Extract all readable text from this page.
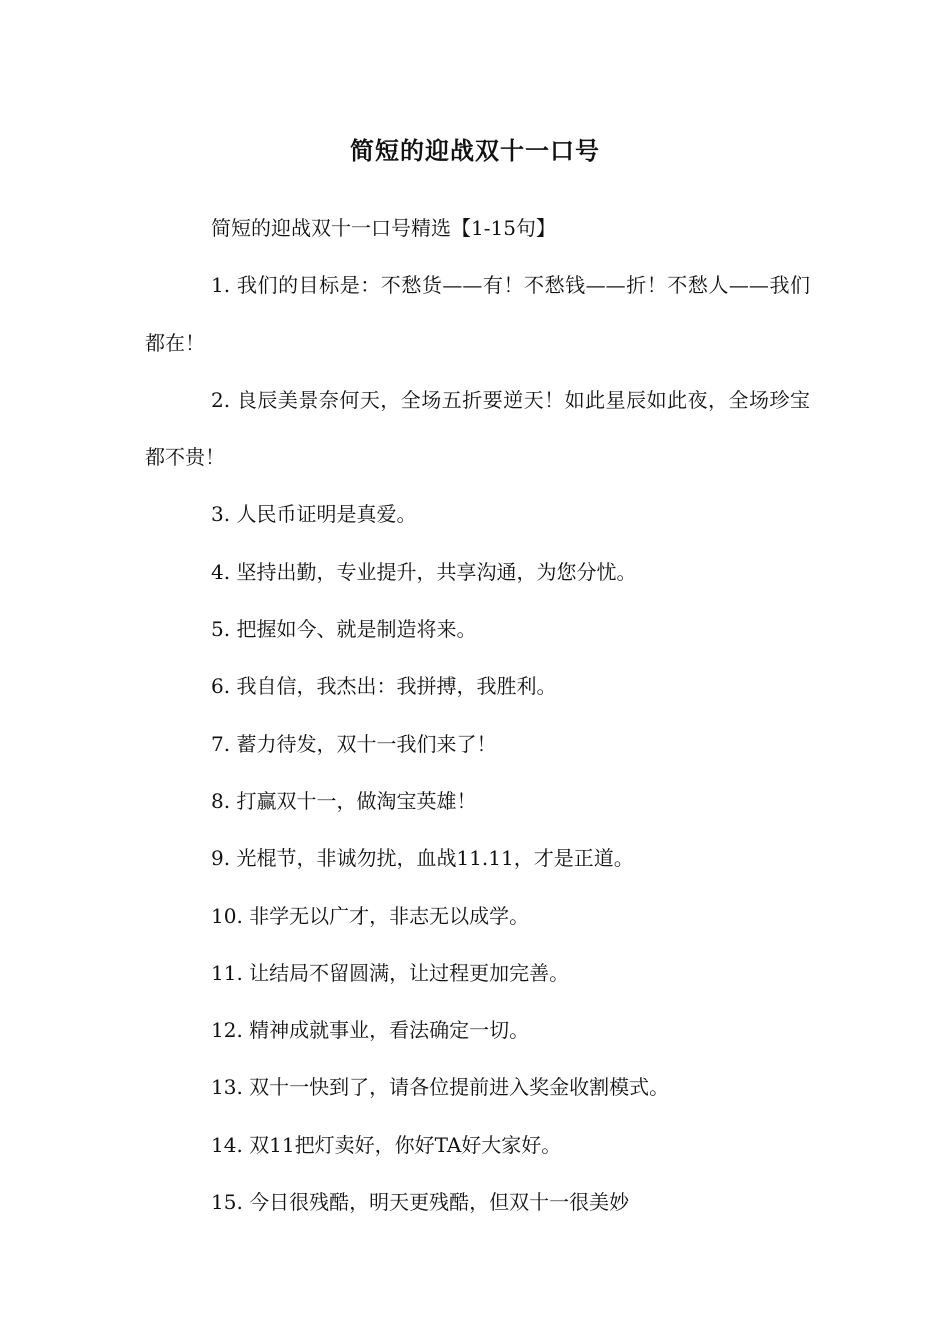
简短的迎战双十一口号

简短的迎战双十一口号精选【1-15句】

1. 我们的目标是：不愁货——有！不愁钱——折！不愁人——我们都在！

2. 良辰美景奈何天，全场五折要逆天！如此星辰如此夜，全场珍宝都不贵！

3. 人民币证明是真爱。

4. 坚持出勤，专业提升，共享沟通，为您分忧。

5. 把握如今、就是制造将来。

6. 我自信，我杰出：我拼搏，我胜利。

7. 蓄力待发，双十一我们来了！

8. 打赢双十一，做淘宝英雄！

9. 光棍节，非诚勿扰，血战11.11，才是正道。

10. 非学无以广才，非志无以成学。

11. 让结局不留圆满，让过程更加完善。

12. 精神成就事业，看法确定一切。

13. 双十一快到了，请各位提前进入奖金收割模式。

14. 双11把灯卖好，你好TA好大家好。

15. 今日很残酷，明天更残酷，但双十一很美妙
